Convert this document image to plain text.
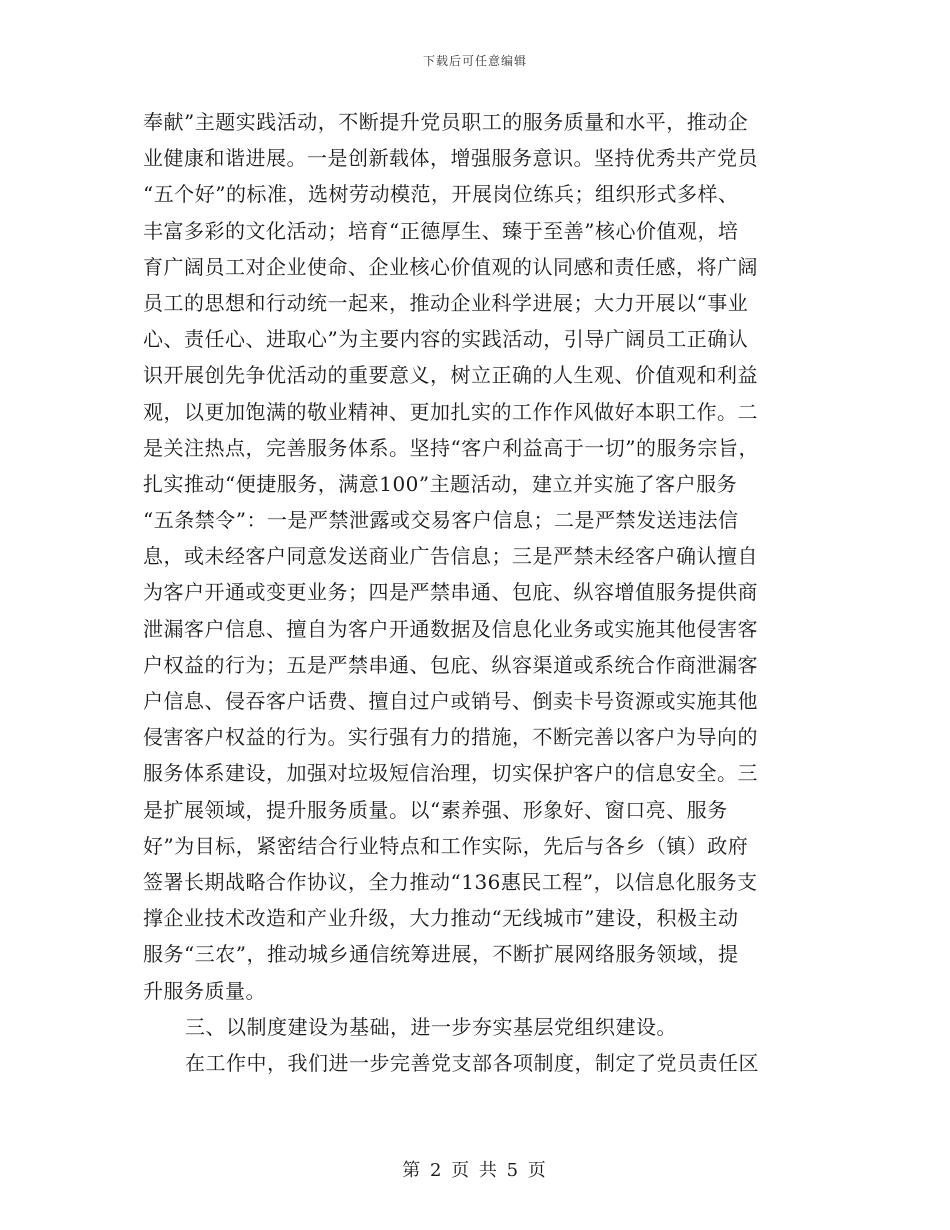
下载后可任意编辑
奉献”主题实践活动，不断提升党员职工的服务质量和水平，推动企
业健康和谐进展。一是创新载体，增强服务意识。坚持优秀共产党员
“五个好”的标准，选树劳动模范，开展岗位练兵；组织形式多样、
丰富多彩的文化活动；培育“正德厚生、臻于至善”核心价值观，培
育广阔员工对企业使命、企业核心价值观的认同感和责任感，将广阔
员工的思想和行动统一起来，推动企业科学进展；大力开展以“事业
心、责任心、进取心”为主要内容的实践活动，引导广阔员工正确认
识开展创先争优活动的重要意义，树立正确的人生观、价值观和利益
观，以更加饱满的敬业精神、更加扎实的工作作风做好本职工作。二
是关注热点，完善服务体系。坚持“客户利益高于一切”的服务宗旨，
扎实推动“便捷服务，满意100”主题活动，建立并实施了客户服务
“五条禁令”：一是严禁泄露或交易客户信息；二是严禁发送违法信
息，或未经客户同意发送商业广告信息；三是严禁未经客户确认擅自
为客户开通或变更业务；四是严禁串通、包庇、纵容增值服务提供商
泄漏客户信息、擅自为客户开通数据及信息化业务或实施其他侵害客
户权益的行为；五是严禁串通、包庇、纵容渠道或系统合作商泄漏客
户信息、侵吞客户话费、擅自过户或销号、倒卖卡号资源或实施其他
侵害客户权益的行为。实行强有力的措施，不断完善以客户为导向的
服务体系建设，加强对垃圾短信治理，切实保护客户的信息安全。三
是扩展领域，提升服务质量。以“素养强、形象好、窗口亮、服务
好”为目标，紧密结合行业特点和工作实际，先后与各乡（镇）政府
签署长期战略合作协议，全力推动“136惠民工程”，以信息化服务支
撑企业技术改造和产业升级，大力推动“无线城市”建设，积极主动
服务“三农”，推动城乡通信统筹进展，不断扩展网络服务领域，提
升服务质量。
三、以制度建设为基础，进一步夯实基层党组织建设。
在工作中，我们进一步完善党支部各项制度，制定了党员责任区
第 2 页 共 5 页
